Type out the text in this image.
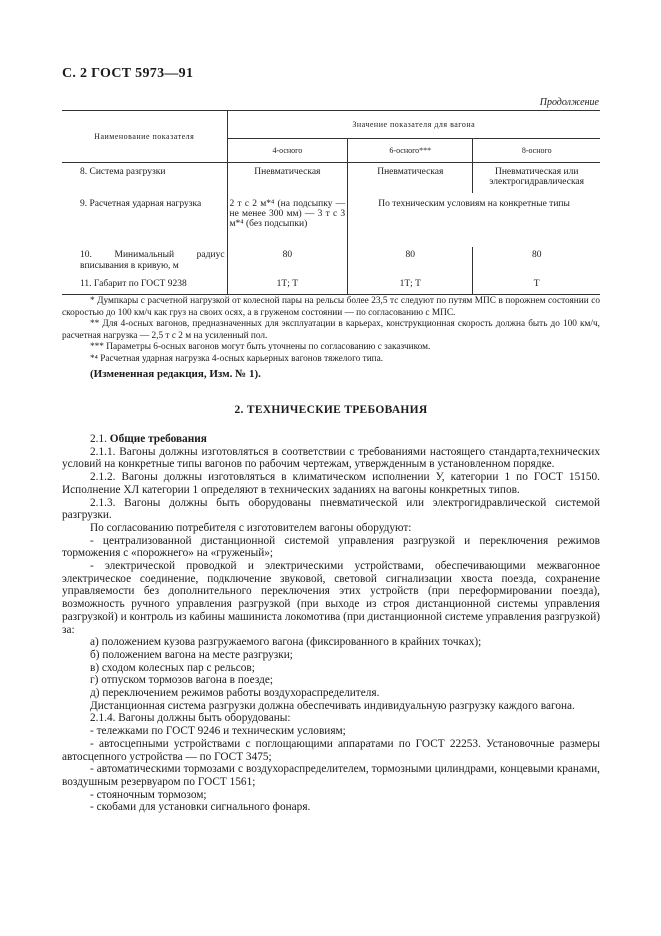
С. 2 ГОСТ 5973—91
Продолжение
Наименование показателя	Значение показателя для вагона		
	4-осного	6-осного***	8-осного
8. Система разгрузки	Пневматическая	Пневматическая	Пневматическая или электрогидравлическая
9. Расчетная ударная нагрузка	2 т с 2 м*⁴ (на подсыпку — не менее 300 мм) — 3 т с 3 м*⁴ (без подсыпки)	По техническим условиям на конкретные типы	
10. Минимальный радиус вписывания в кривую, м	80	80	80
11. Габарит по ГОСТ 9238	1Т; Т	1Т; Т	Т

* Думпкары с расчетной нагрузкой от колесной пары на рельсы более 23,5 тс следуют по путям МПС в порожнем состоянии со скоростью до 100 км/ч как груз на своих осях, а в груженом состоянии — по согласованию с МПС.

** Для 4-осных вагонов, предназначенных для эксплуатации в карьерах, конструкционная скорость должна быть до 100 км/ч, расчетная нагрузка — 2,5 т с 2 м на усиленный пол.

*** Параметры 6-осных вагонов могут быть уточнены по согласованию с заказчиком.

*⁴ Расчетная ударная нагрузка 4-осных карьерных вагонов тяжелого типа.

(Измененная редакция, Изм. № 1).

2. ТЕХНИЧЕСКИЕ ТРЕБОВАНИЯ

2.1. Общие требования

2.1.1. Вагоны должны изготовляться в соответствии с требованиями настоящего стандарта,технических условий на конкретные типы вагонов по рабочим чертежам, утвержденным в установленном порядке.

2.1.2. Вагоны должны изготовляться в климатическом исполнении У, категории 1 по ГОСТ 15150. Исполнение ХЛ категории 1 определяют в технических заданиях на вагоны конкретных типов.

2.1.3. Вагоны должны быть оборудованы пневматической или электрогидравлической системой разгрузки.

По согласованию потребителя с изготовителем вагоны оборудуют:

- централизованной дистанционной системой управления разгрузкой и переключения режимов торможения с «порожнего» на «груженый»;

- электрической проводкой и электрическими устройствами, обеспечивающими межвагонное электрическое соединение, подключение звуковой, световой сигнализации хвоста поезда, сохранение управляемости без дополнительного переключения этих устройств (при переформировании поезда), возможность ручного управления разгрузкой (при выходе из строя дистанционной системы управления разгрузкой) и контроль из кабины машиниста локомотива (при дистанционной системе управления разгрузкой) за:

а) положением кузова разгружаемого вагона (фиксированного в крайних точках);

б) положением вагона на месте разгрузки;

в) сходом колесных пар с рельсов;

г) отпуском тормозов вагона в поезде;

д) переключением режимов работы воздухораспределителя.

Дистанционная система разгрузки должна обеспечивать индивидуальную разгрузку каждого вагона.

2.1.4. Вагоны должны быть оборудованы:

- тележками по ГОСТ 9246 и техническим условиям;

- автосцепными устройствами с поглощающими аппаратами по ГОСТ 22253. Установочные размеры автосцепного устройства — по ГОСТ 3475;

- автоматическими тормозами с воздухораспределителем, тормозными цилиндрами, концевыми кранами, воздушным резервуаром по ГОСТ 1561;

- стояночным тормозом;

- скобами для установки сигнального фонаря.
